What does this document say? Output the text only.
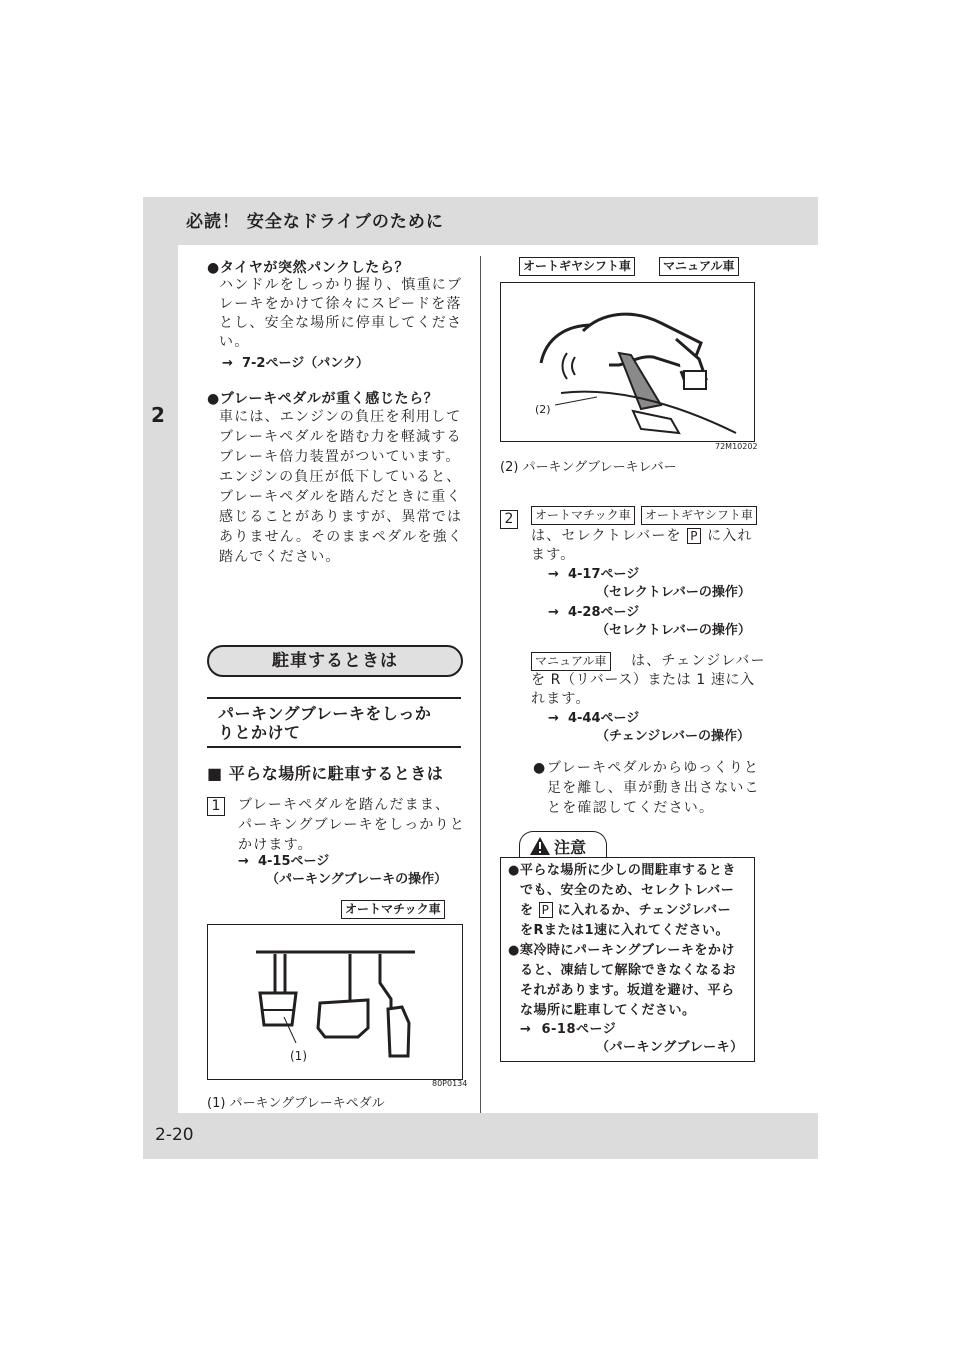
必読！ 安全なドライブのために
2
2-20
●タイヤが突然パンクしたら？
ハンドルをしっかり握り、慎重にブ
レーキをかけて徐々にスピードを落
とし、安全な場所に停車してくださ
い。
→ 7-2ページ（パンク）
●ブレーキペダルが重く感じたら？
車には、エンジンの負圧を利用して
ブレーキペダルを踏む力を軽減する
ブレーキ倍力装置がついています。
エンジンの負圧が低下していると、
ブレーキペダルを踏んだときに重く
感じることがありますが、異常では
ありません。そのままペダルを強く
踏んでください。
駐車するときは
パーキングブレーキをしっか
りとかけて
■ 平らな場所に駐車するときは
1	ブレーキペダルを踏んだまま、
パーキングブレーキをしっかりと
かけます。
→ 4-15ページ
（パーキングブレーキの操作）
オートマチック車
(1)
80P0134
(1) パーキングブレーキペダル
オートギヤシフト車	マニュアル車
(2)
72M10202
(2) パーキングブレーキレバー
2	オートマチック車	オートギヤシフト車
は、セレクトレバーを P に入れ
ます。
→ 4-17ページ
（セレクトレバーの操作）
→ 4-28ページ
（セレクトレバーの操作）
マニュアル車 は、チェンジレバー
を R（リバース）または 1 速に入
れます。
→ 4-44ページ
（チェンジレバーの操作）
● ブレーキペダルからゆっくりと
足を離し、車が動き出さないこ
とを確認してください。
注意
●平らな場所に少しの間駐車するとき
でも、安全のため、セレクトレバー
を P に入れるか、チェンジレバー
をRまたは1速に入れてください。
●寒冷時にパーキングブレーキをかけ
ると、凍結して解除できなくなるお
それがあります。坂道を避け、平ら
な場所に駐車してください。
→ 6-18ページ
（パーキングブレーキ）
